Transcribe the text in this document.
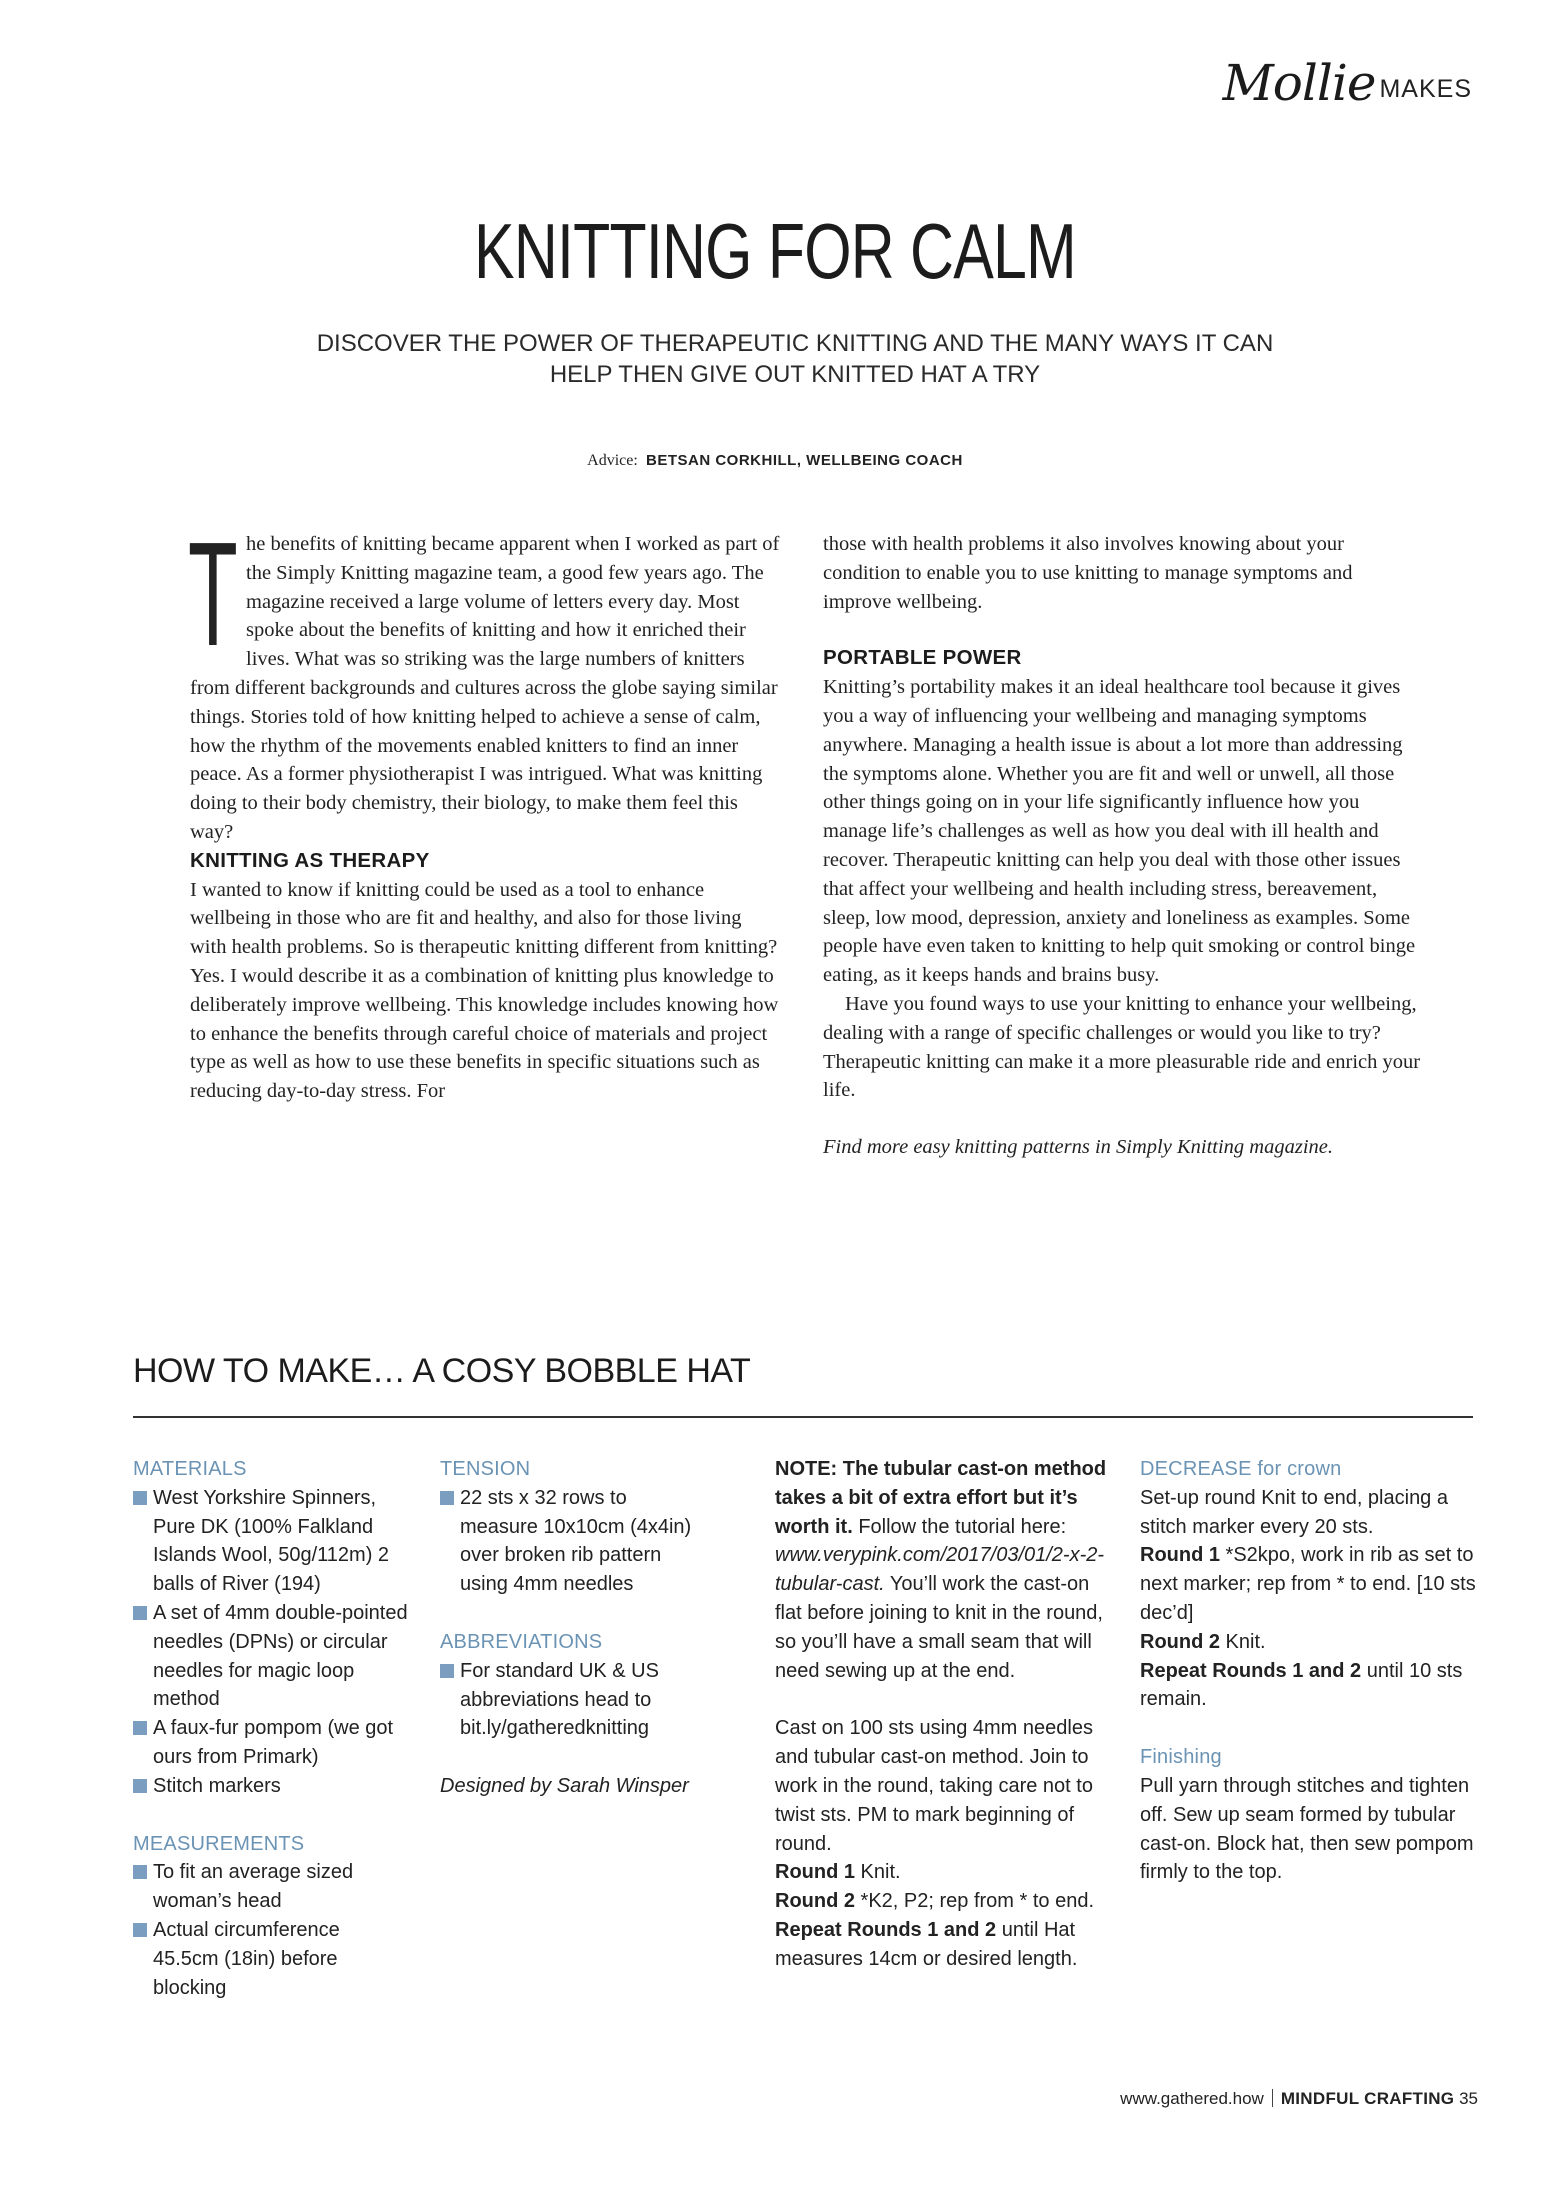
Mollie MAKES
KNITTING FOR CALM
DISCOVER THE POWER OF THERAPEUTIC KNITTING AND THE MANY WAYS IT CAN HELP THEN GIVE OUT KNITTED HAT A TRY
Advice: BETSAN CORKHILL, WELLBEING COACH

The benefits of knitting became apparent when I worked as part of the Simply Knitting magazine team, a good few years ago. The magazine received a large volume of letters every day. Most spoke about the benefits of knitting and how it enriched their lives. What was so striking was the large numbers of knitters from different backgrounds and cultures across the globe saying similar things. Stories told of how knitting helped to achieve a sense of calm, how the rhythm of the movements enabled knitters to find an inner peace. As a former physiotherapist I was intrigued. What was knitting doing to their body chemistry, their biology, to make them feel this way?

KNITTING AS THERAPY

I wanted to know if knitting could be used as a tool to enhance wellbeing in those who are fit and healthy, and also for those living with health problems. So is therapeutic knitting different from knitting? Yes. I would describe it as a combination of knitting plus knowledge to deliberately improve wellbeing. This knowledge includes knowing how to enhance the benefits through careful choice of materials and project type as well as how to use these benefits in specific situations such as reducing day-to-day stress. For

those with health problems it also involves knowing about your condition to enable you to use knitting to manage symptoms and improve wellbeing.

PORTABLE POWER

Knitting’s portability makes it an ideal healthcare tool because it gives you a way of influencing your wellbeing and managing symptoms anywhere. Managing a health issue is about a lot more than addressing the symptoms alone. Whether you are fit and well or unwell, all those other things going on in your life significantly influence how you manage life’s challenges as well as how you deal with ill health and recover. Therapeutic knitting can help you deal with those other issues that affect your wellbeing and health including stress, bereavement, sleep, low mood, depression, anxiety and loneliness as examples. Some people have even taken to knitting to help quit smoking or control binge eating, as it keeps hands and brains busy.

Have you found ways to use your knitting to enhance your wellbeing, dealing with a range of specific challenges or would you like to try? Therapeutic knitting can make it a more pleasurable ride and enrich your life.

Find more easy knitting patterns in Simply Knitting magazine.

HOW TO MAKE… A COSY BOBBLE HAT

MATERIALS

West Yorkshire Spinners, Pure DK (100% Falkland Islands Wool, 50g/112m) 2 balls of River (194)
A set of 4mm double-pointed needles (DPNs) or circular needles for magic loop method
A faux-fur pompom (we got ours from Primark)
Stitch markers

MEASUREMENTS

To fit an average sized woman’s head
Actual circumference 45.5cm (18in) before blocking

TENSION

22 sts x 32 rows to measure 10x10cm (4x4in) over broken rib pattern using 4mm needles

ABBREVIATIONS

For standard UK & US abbreviations head to bit.ly/gatheredknitting

Designed by Sarah Winsper

NOTE: The tubular cast-on method takes a bit of extra effort but it’s worth it. Follow the tutorial here: www.verypink.com/2017/03/01/2-x-2-tubular-cast. You’ll work the cast-on flat before joining to knit in the round, so you’ll have a small seam that will need sewing up at the end.

Cast on 100 sts using 4mm needles and tubular cast-on method. Join to work in the round, taking care not to twist sts. PM to mark beginning of round.

Round 1 Knit.

Round 2 *K2, P2; rep from * to end.

Repeat Rounds 1 and 2 until Hat measures 14cm or desired length.

DECREASE for crown

Set-up round Knit to end, placing a stitch marker every 20 sts.

Round 1 *S2kpo, work in rib as set to next marker; rep from * to end. [10 sts dec’d]

Round 2 Knit.

Repeat Rounds 1 and 2 until 10 sts remain.

Finishing

Pull yarn through stitches and tighten off. Sew up seam formed by tubular cast-on. Block hat, then sew pompom firmly to the top.

www.gathered.how MINDFUL CRAFTING 35
